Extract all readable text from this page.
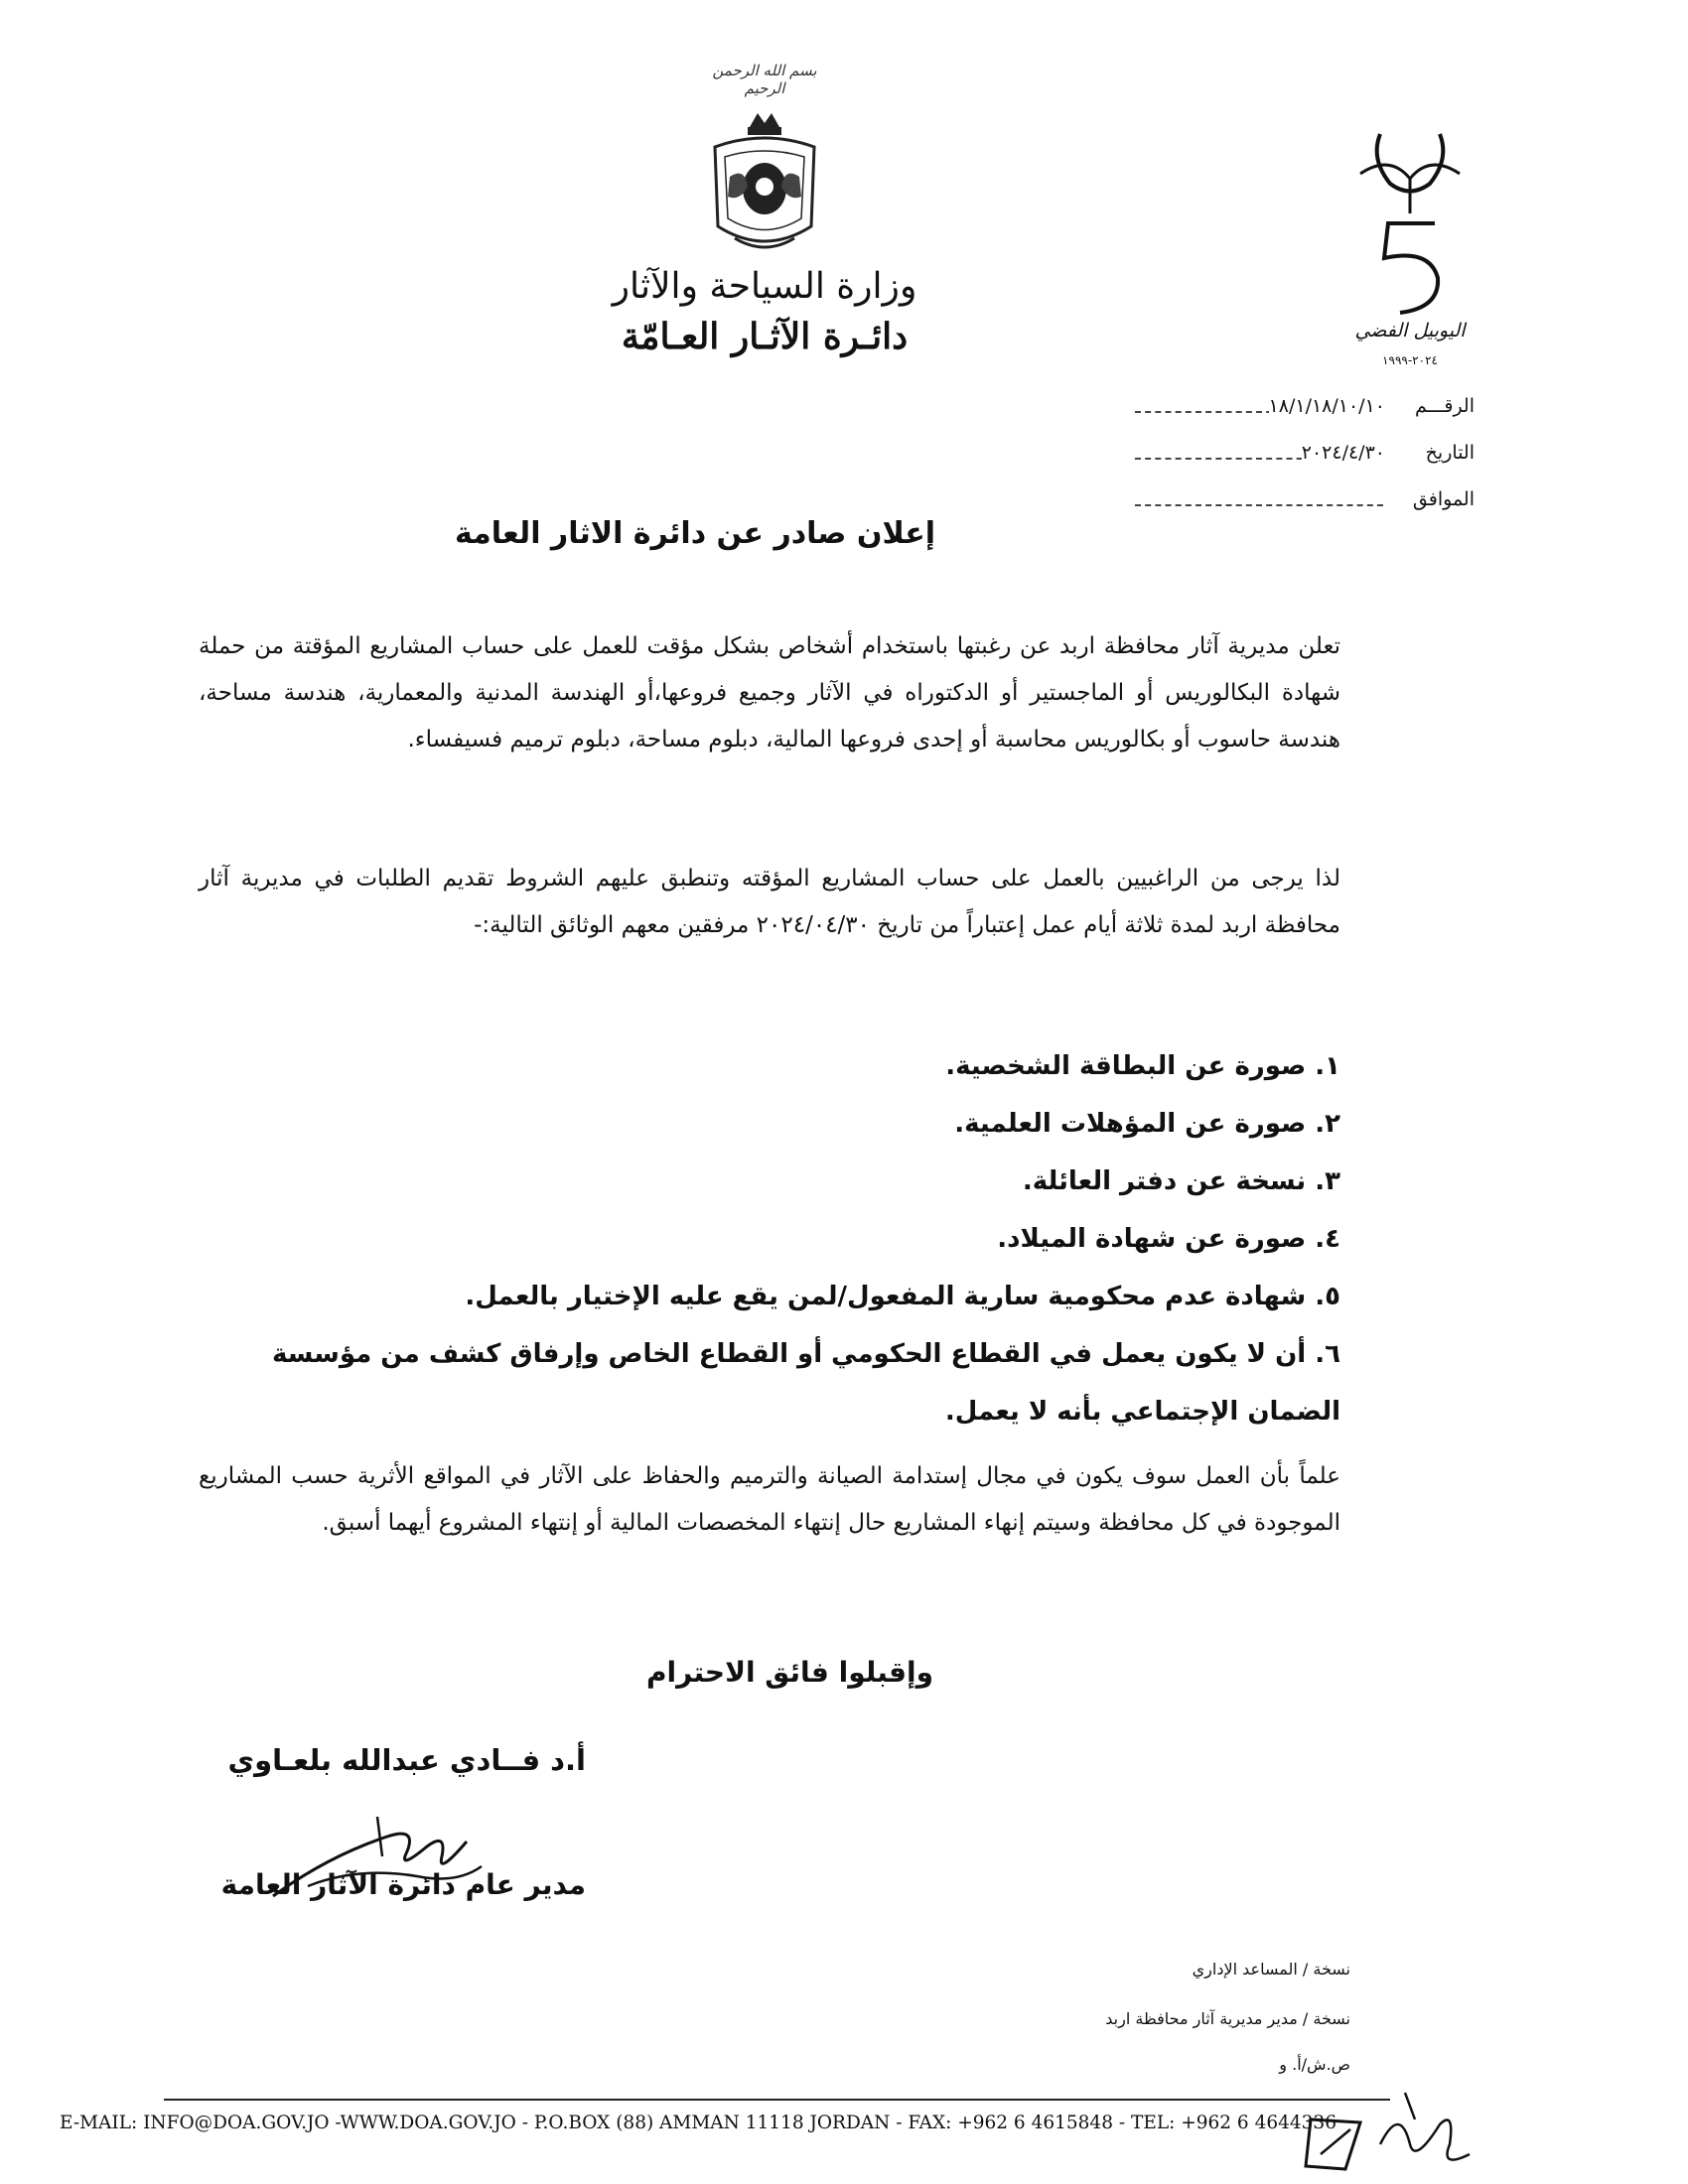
بسم الله الرحمن الرحيم
وزارة السياحة والآثار
دائـرة الآثـار العـامّة	اليوبيل الفضي
٢٠٢٤-١٩٩٩
الرقـــم
١٨/١/١٨/١٠/١٠
التاريخ
٢٠٢٤/٤/٣٠
الموافق
إعلان صادر عن دائرة الاثار العامة
تعلن مديرية آثار محافظة اربد عن رغبتها باستخدام أشخاص بشكل مؤقت للعمل على حساب المشاريع المؤقتة من حملة شهادة البكالوريس أو الماجستير أو الدكتوراه في الآثار وجميع فروعها،أو الهندسة المدنية والمعمارية، هندسة مساحة، هندسة حاسوب أو بكالوريس محاسبة أو إحدى فروعها المالية، دبلوم مساحة، دبلوم ترميم فسيفساء.
لذا يرجى من الراغبيين بالعمل على حساب المشاريع المؤقته وتنطبق عليهم الشروط تقديم الطلبات في مديرية آثار محافظة اربد لمدة ثلاثة أيام عمل إعتباراً من تاريخ ٢٠٢٤/٠٤/٣٠ مرفقين معهم الوثائق التالية:-
١. صورة عن البطاقة الشخصية.
٢. صورة عن المؤهلات العلمية.
٣. نسخة عن دفتر العائلة.
٤. صورة عن شهادة الميلاد.
٥. شهادة عدم محكومية سارية المفعول/لمن يقع عليه الإختيار بالعمل.
٦. أن لا يكون يعمل في القطاع الحكومي أو القطاع الخاص وإرفاق كشف من مؤسسة الضمان الإجتماعي بأنه لا يعمل.
علماً بأن العمل سوف يكون في مجال إستدامة الصيانة والترميم والحفاظ على الآثار في المواقع الأثرية حسب المشاريع الموجودة في كل محافظة وسيتم إنهاء المشاريع حال إنتهاء المخصصات المالية أو إنتهاء المشروع أيهما أسبق.
وإقبلوا فائق الاحترام
أ.د فــادي عبدالله بلعـاوي
مدير عام دائرة الآثار العامة
نسخة / المساعد الإداري
نسخة / مدير مديرية آثار محافظة اربد
ص.ش/أ. و
E-MAIL: INFO@DOA.GOV.JO -WWW.DOA.GOV.JO - P.O.BOX (88) AMMAN 11118 JORDAN - FAX: +962 6 4615848 - TEL: +962 6 4644336
